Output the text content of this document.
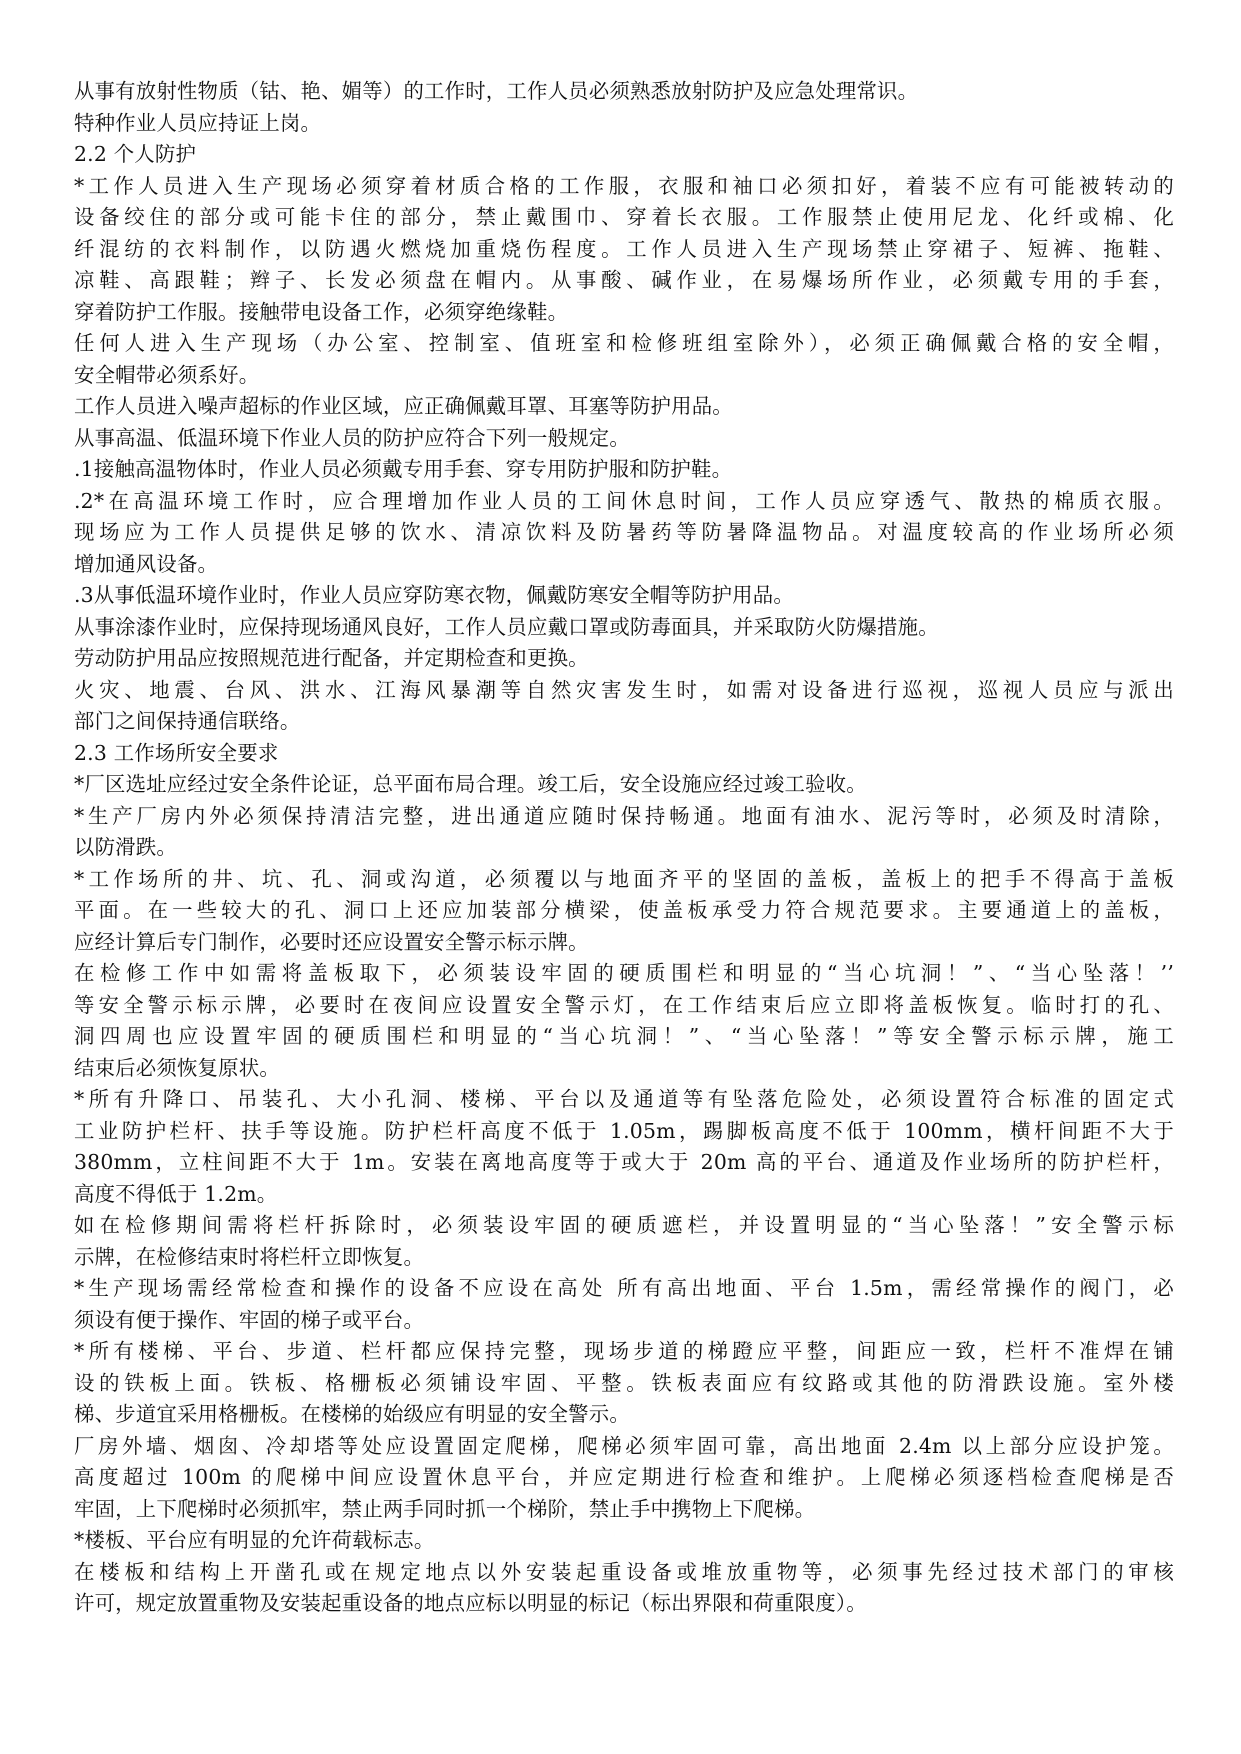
从事有放射性物质（钴、艳、媚等）的工作时，工作人员必须熟悉放射防护及应急处理常识。
特种作业人员应持证上岗。
2.2 个人防护
*工作人员进入生产现场必须穿着材质合格的工作服，衣服和袖口必须扣好，着装不应有可能被转动的
设备绞住的部分或可能卡住的部分，禁止戴围巾、穿着长衣服。工作服禁止使用尼龙、化纤或棉、化
纤混纺的衣料制作，以防遇火燃烧加重烧伤程度。工作人员进入生产现场禁止穿裙子、短裤、拖鞋、
凉鞋、高跟鞋；辫子、长发必须盘在帽内。从事酸、碱作业，在易爆场所作业，必须戴专用的手套，
穿着防护工作服。接触带电设备工作，必须穿绝缘鞋。
任何人进入生产现场（办公室、控制室、值班室和检修班组室除外），必须正确佩戴合格的安全帽，
安全帽带必须系好。
工作人员进入噪声超标的作业区域，应正确佩戴耳罩、耳塞等防护用品。
从事高温、低温环境下作业人员的防护应符合下列一般规定。
.1接触高温物体时，作业人员必须戴专用手套、穿专用防护服和防护鞋。
.2*在高温环境工作时，应合理增加作业人员的工间休息时间，工作人员应穿透气、散热的棉质衣服。
现场应为工作人员提供足够的饮水、清凉饮料及防暑药等防暑降温物品。对温度较高的作业场所必须
增加通风设备。
.3从事低温环境作业时，作业人员应穿防寒衣物，佩戴防寒安全帽等防护用品。
从事涂漆作业时，应保持现场通风良好，工作人员应戴口罩或防毒面具，并采取防火防爆措施。
劳动防护用品应按照规范进行配备，并定期检查和更换。
火灾、地震、台风、洪水、江海风暴潮等自然灾害发生时，如需对设备进行巡视，巡视人员应与派出
部门之间保持通信联络。
2.3 工作场所安全要求
*厂区选址应经过安全条件论证，总平面布局合理。竣工后，安全设施应经过竣工验收。
*生产厂房内外必须保持清洁完整，进出通道应随时保持畅通。地面有油水、泥污等时，必须及时清除，
以防滑跌。
*工作场所的井、坑、孔、洞或沟道，必须覆以与地面齐平的坚固的盖板，盖板上的把手不得高于盖板
平面。在一些较大的孔、洞口上还应加装部分横梁，使盖板承受力符合规范要求。主要通道上的盖板，
应经计算后专门制作，必要时还应设置安全警示标示牌。
在检修工作中如需将盖板取下，必须装设牢固的硬质围栏和明显的“当心坑洞！”、“当心坠落！’’
等安全警示标示牌，必要时在夜间应设置安全警示灯，在工作结束后应立即将盖板恢复。临时打的孔、
洞四周也应设置牢固的硬质围栏和明显的“当心坑洞！”、“当心坠落！”等安全警示标示牌，施工
结束后必须恢复原状。
*所有升降口、吊装孔、大小孔洞、楼梯、平台以及通道等有坠落危险处，必须设置符合标准的固定式
工业防护栏杆、扶手等设施。防护栏杆高度不低于 1.05m，踢脚板高度不低于 100mm，横杆间距不大于
380mm，立柱间距不大于 1m。安装在离地高度等于或大于 20m 高的平台、通道及作业场所的防护栏杆，
高度不得低于 1.2m。
如在检修期间需将栏杆拆除时，必须装设牢固的硬质遮栏，并设置明显的“当心坠落！”安全警示标
示牌，在检修结束时将栏杆立即恢复。
*生产现场需经常检查和操作的设备不应设在高处 所有高出地面、平台 1.5m，需经常操作的阀门，必
须设有便于操作、牢固的梯子或平台。
*所有楼梯、平台、步道、栏杆都应保持完整，现场步道的梯蹬应平整，间距应一致，栏杆不准焊在铺
设的铁板上面。铁板、格栅板必须铺设牢固、平整。铁板表面应有纹路或其他的防滑跌设施。室外楼
梯、步道宜采用格栅板。在楼梯的始级应有明显的安全警示。
厂房外墙、烟囱、冷却塔等处应设置固定爬梯，爬梯必须牢固可靠，高出地面 2.4m 以上部分应设护笼。
高度超过 100m 的爬梯中间应设置休息平台，并应定期进行检查和维护。上爬梯必须逐档检查爬梯是否
牢固，上下爬梯时必须抓牢，禁止两手同时抓一个梯阶，禁止手中携物上下爬梯。
*楼板、平台应有明显的允许荷载标志。
在楼板和结构上开凿孔或在规定地点以外安装起重设备或堆放重物等，必须事先经过技术部门的审核
许可，规定放置重物及安装起重设备的地点应标以明显的标记（标出界限和荷重限度）。
